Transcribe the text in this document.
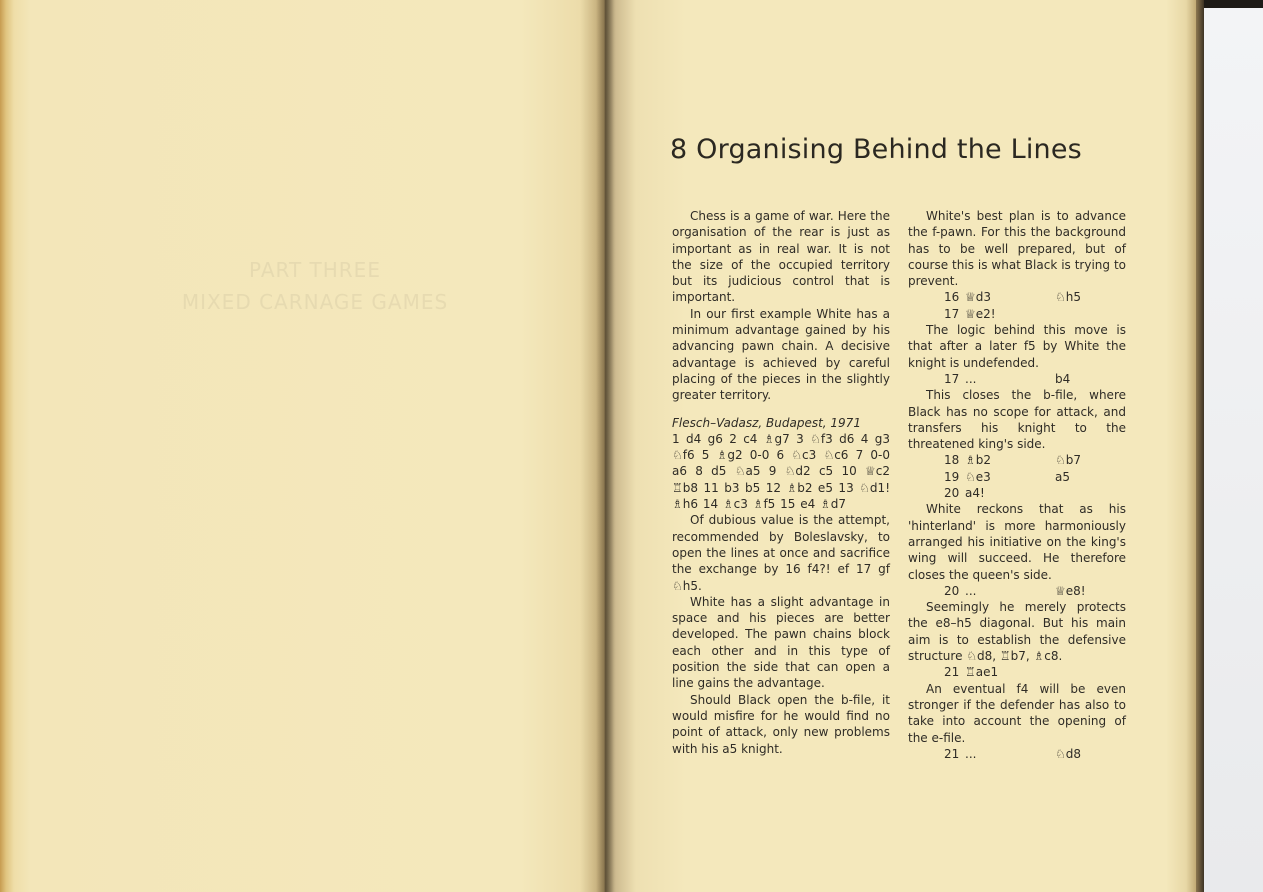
PART THREE
MIXED CARNAGE GAMES
8 Organising Behind the Lines

Chess is a game of war. Here the organisation of the rear is just as important as in real war. It is not the size of the occupied territory but its judicious control that is important.

In our first example White has a minimum advantage gained by his advancing pawn chain. A decisive advantage is achieved by careful placing of the pieces in the slightly greater territory.

Flesch–Vadasz, Budapest, 1971

1 d4 g6 2 c4 ♗g7 3 ♘f3 d6 4 g3 ♘f6 5 ♗g2 0-0 6 ♘c3 ♘c6 7 0-0 a6 8 d5 ♘a5 9 ♘d2 c5 10 ♕c2 ♖b8 11 b3 b5 12 ♗b2 e5 13 ♘d1! ♗h6 14 ♗c3 ♗f5 15 e4 ♗d7

Of dubious value is the attempt, recommended by Boleslavsky, to open the lines at once and sacrifice the exchange by 16 f4?! ef 17 gf ♘h5.

White has a slight advantage in space and his pieces are better developed. The pawn chains block each other and in this type of position the side that can open a line gains the advantage.

Should Black open the b-file, it would misfire for he would find no point of attack, only new problems with his a5 knight.

White's best plan is to advance the f-pawn. For this the background has to be well prepared, but of course this is what Black is trying to prevent.

16 ♕d3	♘h5
17 ♕e2!

The logic behind this move is that after a later f5 by White the knight is undefended.

17 ...	b4

This closes the b-file, where Black has no scope for attack, and transfers his knight to the threatened king's side.

18 ♗b2	♘b7
19 ♘e3	a5
20 a4!

White reckons that as his 'hinterland' is more harmoniously arranged his initiative on the king's wing will succeed. He therefore closes the queen's side.

20 ...	♕e8!

Seemingly he merely protects the e8–h5 diagonal. But his main aim is to establish the defensive structure ♘d8, ♖b7, ♗c8.

21 ♖ae1

An eventual f4 will be even stronger if the defender has also to take into account the opening of the e-file.

21 ...	♘d8
